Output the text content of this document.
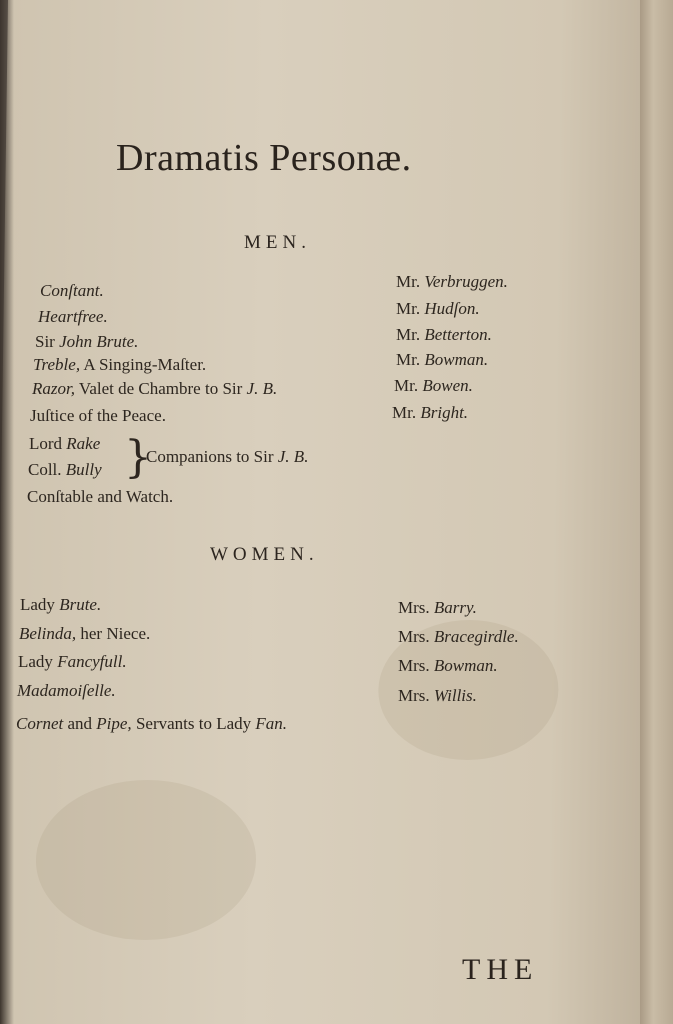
Dramatis Personæ.
MEN.
Conſtant.	Mr. Verbruggen.
Heartfree.	Mr. Hudſon.
Sir John Brute.	Mr. Betterton.
Treble, A Singing-Maſter.	Mr. Bowman.
Razor, Valet de Chambre to Sir J. B.	Mr. Bowen.
Juſtice of the Peace.	Mr. Bright.
Lord Rake
Coll. Bully }
Companions to Sir J. B.
Conſtable and Watch.
WOMEN.
Lady Brute.	Mrs. Barry.
Belinda, her Niece.	Mrs. Bracegirdle.
Lady Fancyfull.	Mrs. Bowman.
Madamoiſelle.	Mrs. Willis.
Cornet and Pipe, Servants to Lady Fan.
THE
